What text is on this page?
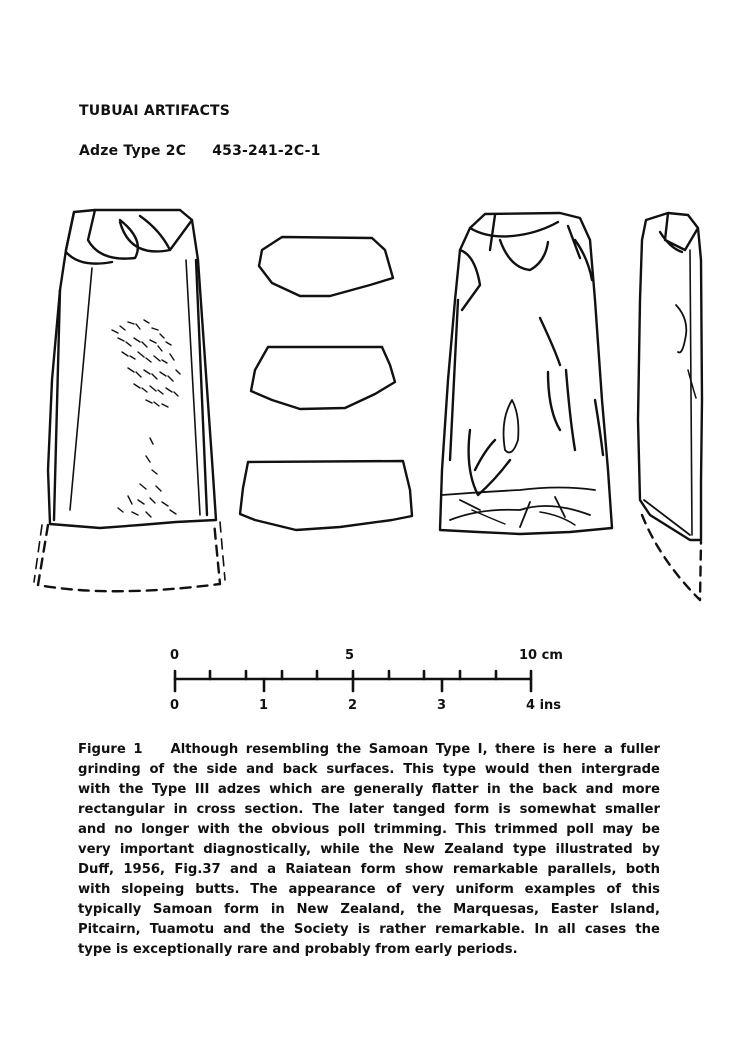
TUBUAI ARTIFACTS
Adze Type 2C 453-241-2C-1
0	5	10 cm
0	1	2	3	4 ins
Figure 1 Although resembling the Samoan Type I, there is here a fuller
grinding of the side and back surfaces. This type would then intergrade
with the Type III adzes which are generally flatter in the back and more
rectangular in cross section. The later tanged form is somewhat smaller
and no longer with the obvious poll trimming. This trimmed poll may be
very important diagnostically, while the New Zealand type illustrated by
Duff, 1956, Fig.37 and a Raiatean form show remarkable parallels, both
with slopeing butts. The appearance of very uniform examples of this
typically Samoan form in New Zealand, the Marquesas, Easter Island,
Pitcairn, Tuamotu and the Society is rather remarkable. In all cases the
type is exceptionally rare and probably from early periods.
